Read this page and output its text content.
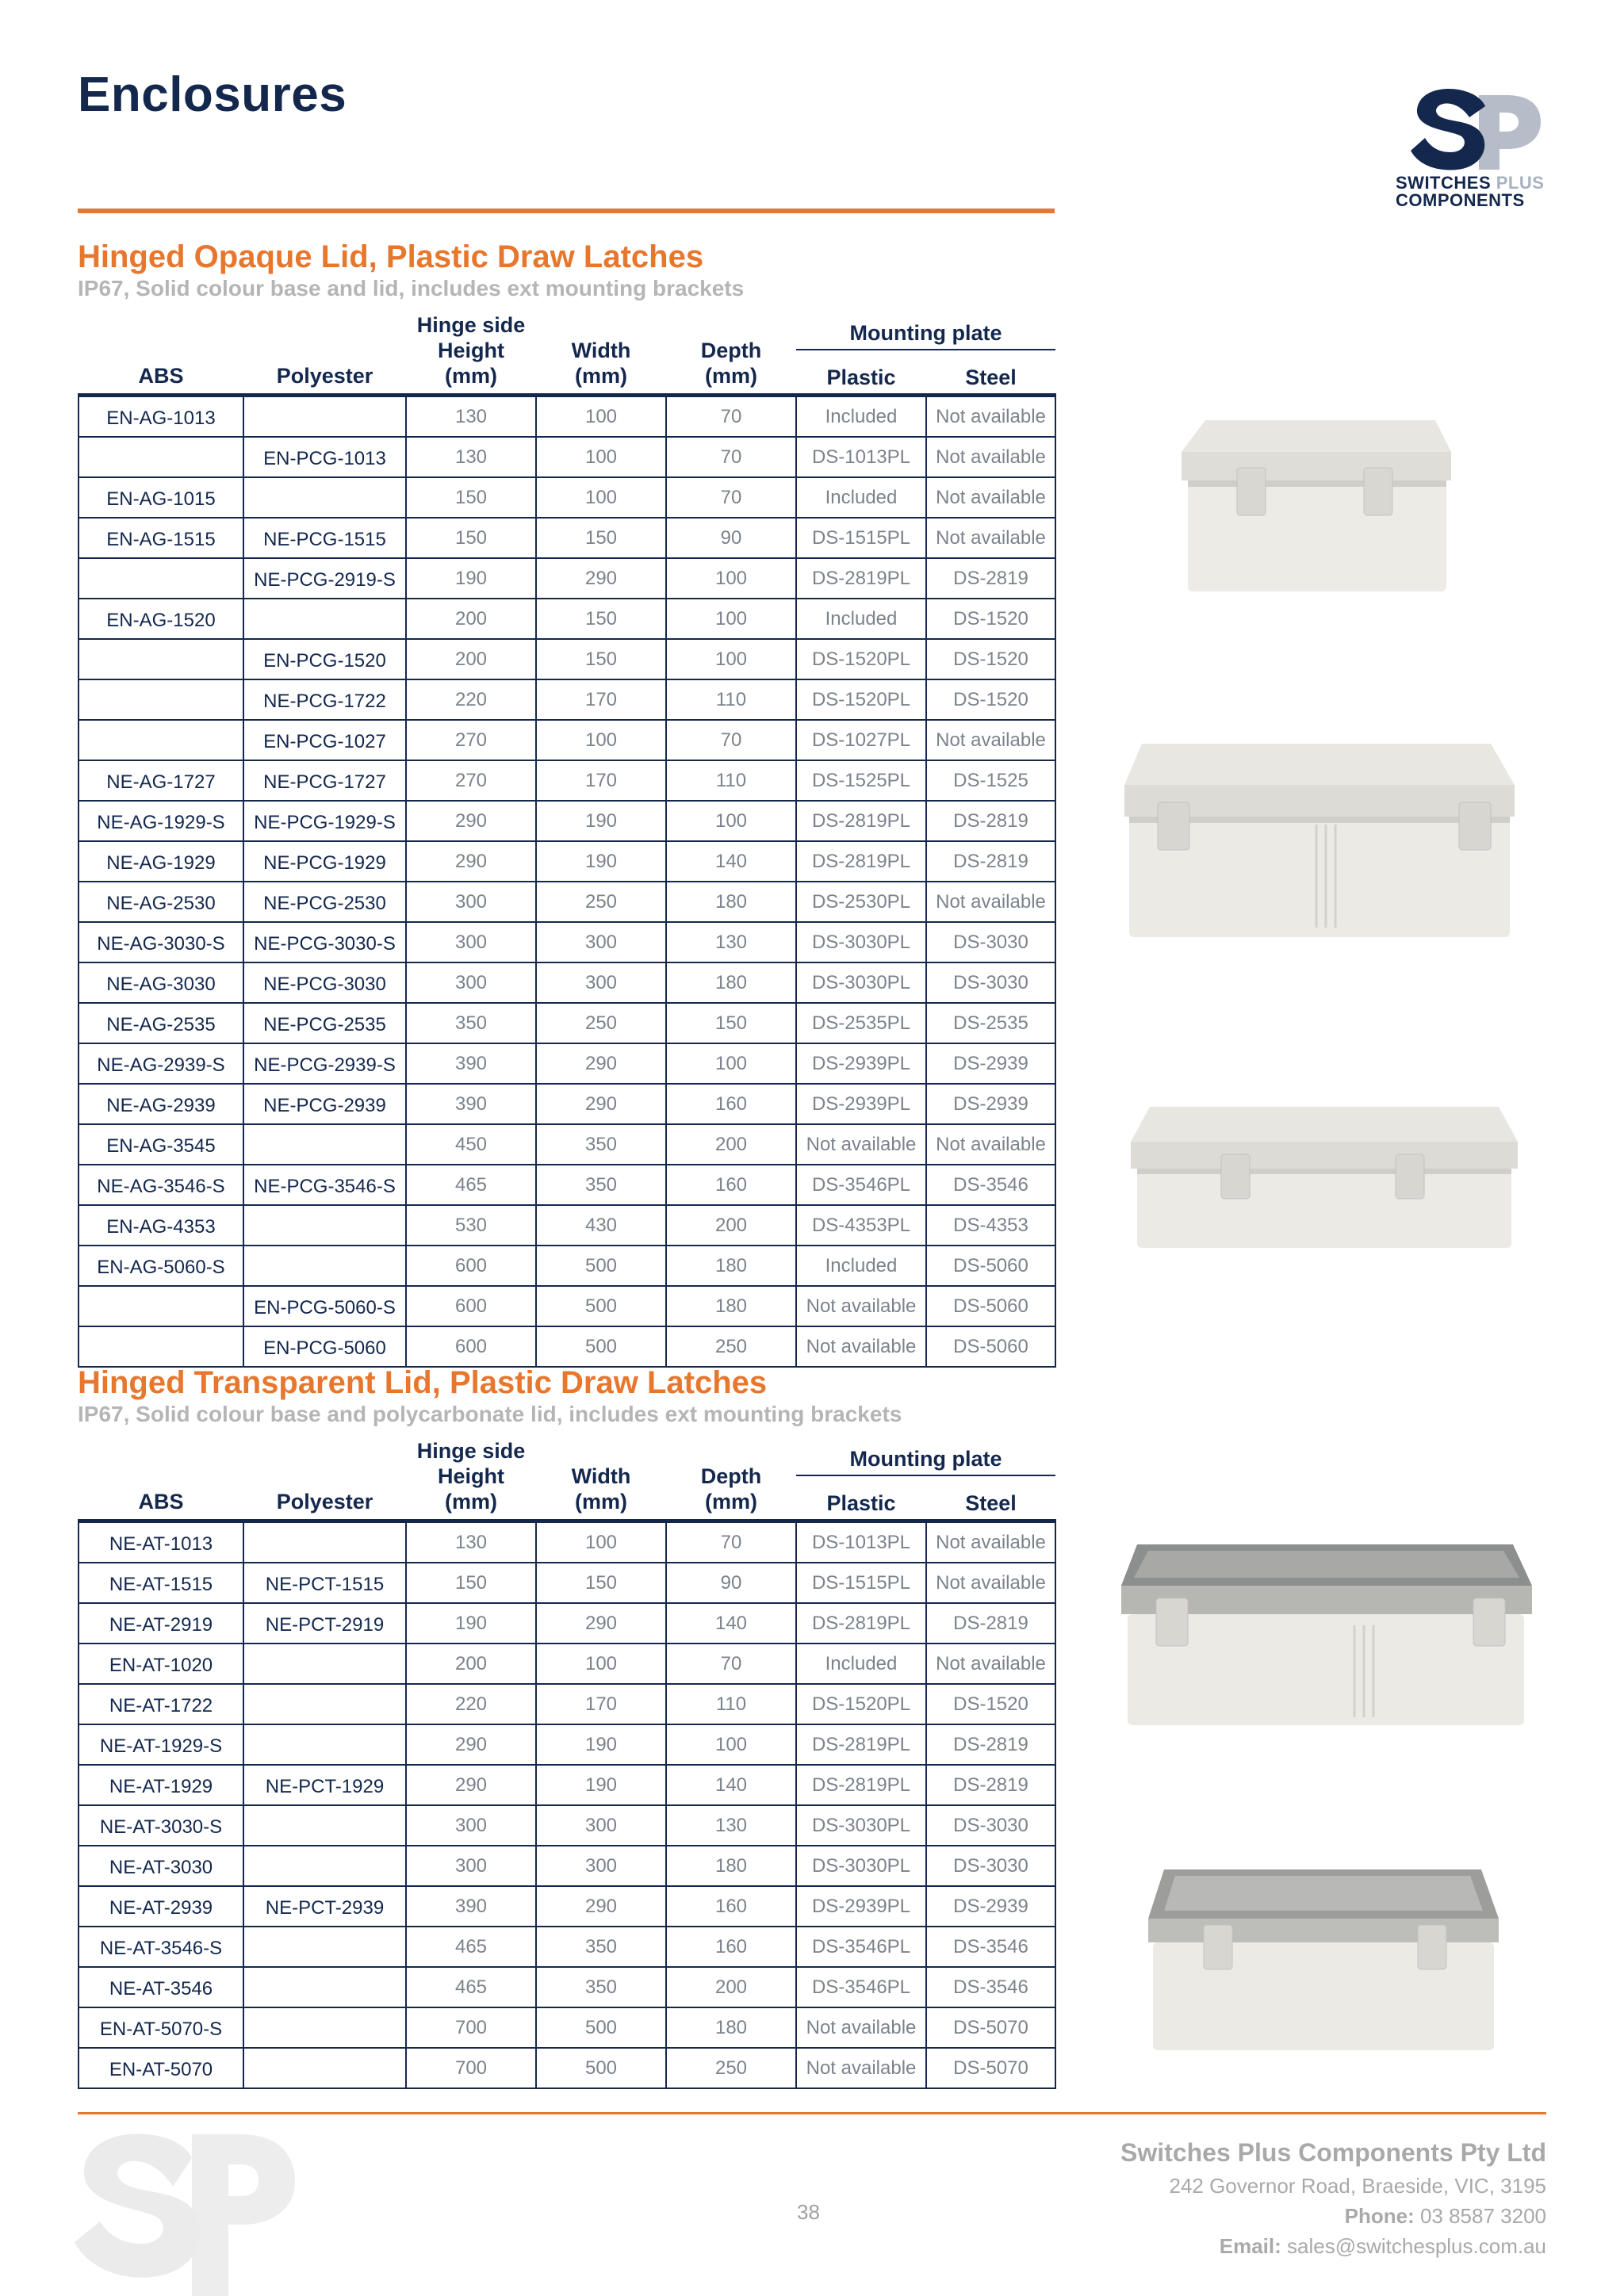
Enclosures
SWITCHES PLUS
COMPONENTS
Hinged Opaque Lid, Plastic Draw Latches

IP67, Solid colour base and lid, includes ext mounting brackets

ABS	Polyester	Hinge side
Height
(mm)	Width
(mm)	Depth
(mm)	Mounting plate	
					Plastic	Steel
EN-AG-1013		130	100	70	Included	Not available
	EN-PCG-1013	130	100	70	DS-1013PL	Not available
EN-AG-1015		150	100	70	Included	Not available
EN-AG-1515	NE-PCG-1515	150	150	90	DS-1515PL	Not available
	NE-PCG-2919-S	190	290	100	DS-2819PL	DS-2819
EN-AG-1520		200	150	100	Included	DS-1520
	EN-PCG-1520	200	150	100	DS-1520PL	DS-1520
	NE-PCG-1722	220	170	110	DS-1520PL	DS-1520
	EN-PCG-1027	270	100	70	DS-1027PL	Not available
NE-AG-1727	NE-PCG-1727	270	170	110	DS-1525PL	DS-1525
NE-AG-1929-S	NE-PCG-1929-S	290	190	100	DS-2819PL	DS-2819
NE-AG-1929	NE-PCG-1929	290	190	140	DS-2819PL	DS-2819
NE-AG-2530	NE-PCG-2530	300	250	180	DS-2530PL	Not available
NE-AG-3030-S	NE-PCG-3030-S	300	300	130	DS-3030PL	DS-3030
NE-AG-3030	NE-PCG-3030	300	300	180	DS-3030PL	DS-3030
NE-AG-2535	NE-PCG-2535	350	250	150	DS-2535PL	DS-2535
NE-AG-2939-S	NE-PCG-2939-S	390	290	100	DS-2939PL	DS-2939
NE-AG-2939	NE-PCG-2939	390	290	160	DS-2939PL	DS-2939
EN-AG-3545		450	350	200	Not available	Not available
NE-AG-3546-S	NE-PCG-3546-S	465	350	160	DS-3546PL	DS-3546
EN-AG-4353		530	430	200	DS-4353PL	DS-4353
EN-AG-5060-S		600	500	180	Included	DS-5060
	EN-PCG-5060-S	600	500	180	Not available	DS-5060
	EN-PCG-5060	600	500	250	Not available	DS-5060
Hinged Transparent Lid, Plastic Draw Latches

IP67, Solid colour base and polycarbonate lid, includes ext mounting brackets

ABS	Polyester	Hinge side
Height
(mm)	Width
(mm)	Depth
(mm)	Mounting plate	
					Plastic	Steel
NE-AT-1013		130	100	70	DS-1013PL	Not available
NE-AT-1515	NE-PCT-1515	150	150	90	DS-1515PL	Not available
NE-AT-2919	NE-PCT-2919	190	290	140	DS-2819PL	DS-2819
EN-AT-1020		200	100	70	Included	Not available
NE-AT-1722		220	170	110	DS-1520PL	DS-1520
NE-AT-1929-S		290	190	100	DS-2819PL	DS-2819
NE-AT-1929	NE-PCT-1929	290	190	140	DS-2819PL	DS-2819
NE-AT-3030-S		300	300	130	DS-3030PL	DS-3030
NE-AT-3030		300	300	180	DS-3030PL	DS-3030
NE-AT-2939	NE-PCT-2939	390	290	160	DS-2939PL	DS-2939
NE-AT-3546-S		465	350	160	DS-3546PL	DS-3546
NE-AT-3546		465	350	200	DS-3546PL	DS-3546
EN-AT-5070-S		700	500	180	Not available	DS-5070
EN-AT-5070		700	500	250	Not available	DS-5070
38
Switches Plus Components Pty Ltd
242 Governor Road, Braeside, VIC, 3195
Phone: 03 8587 3200
Email: sales@switchesplus.com.au
